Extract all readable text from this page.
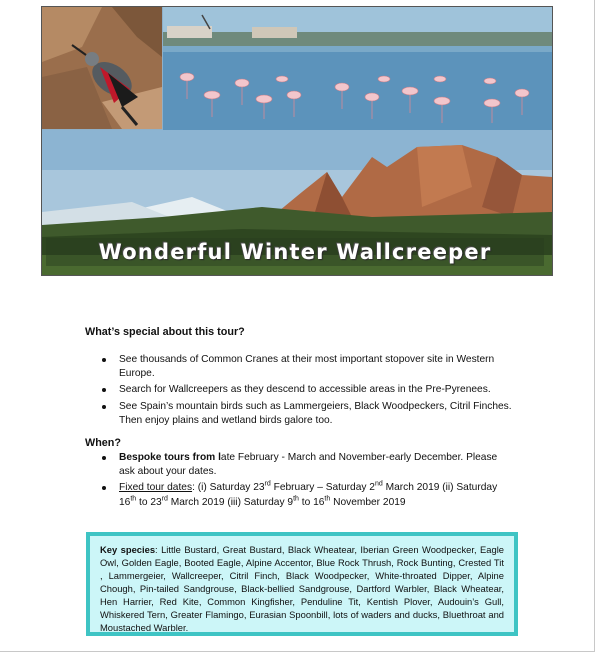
Wonderful Winter Wallcreeper
What’s special about this tour?
See thousands of Common Cranes at their most important stopover site in Western Europe.
Search for Wallcreepers as they descend to accessible areas in the Pre-Pyrenees.
See Spain’s mountain birds such as Lammergeiers, Black Woodpeckers, Citril Finches. Then enjoy plains and wetland birds galore too.
When?
Bespoke tours from late February - March and November-early December. Please ask about your dates.
Fixed tour dates: (i) Saturday 23rd February – Saturday 2nd March 2019 (ii) Saturday 16th to 23rd March 2019 (iii) Saturday 9th to 16th November 2019
Key species: Little Bustard, Great Bustard, Black Wheatear, Iberian Green Woodpecker, Eagle Owl, Golden Eagle, Booted Eagle, Alpine Accentor, Blue Rock Thrush, Rock Bunting, Crested Tit , Lammergeier, Wallcreeper, Citril Finch, Black Woodpecker, White-throated Dipper, Alpine Chough, Pin-tailed Sandgrouse, Black-bellied Sandgrouse, Dartford Warbler, Black Wheatear, Hen Harrier, Red Kite, Common Kingfisher, Penduline Tit, Kentish Plover, Audouin’s Gull, Whiskered Tern, Greater Flamingo, Eurasian Spoonbill, lots of waders and ducks, Bluethroat and Moustached Warbler.
